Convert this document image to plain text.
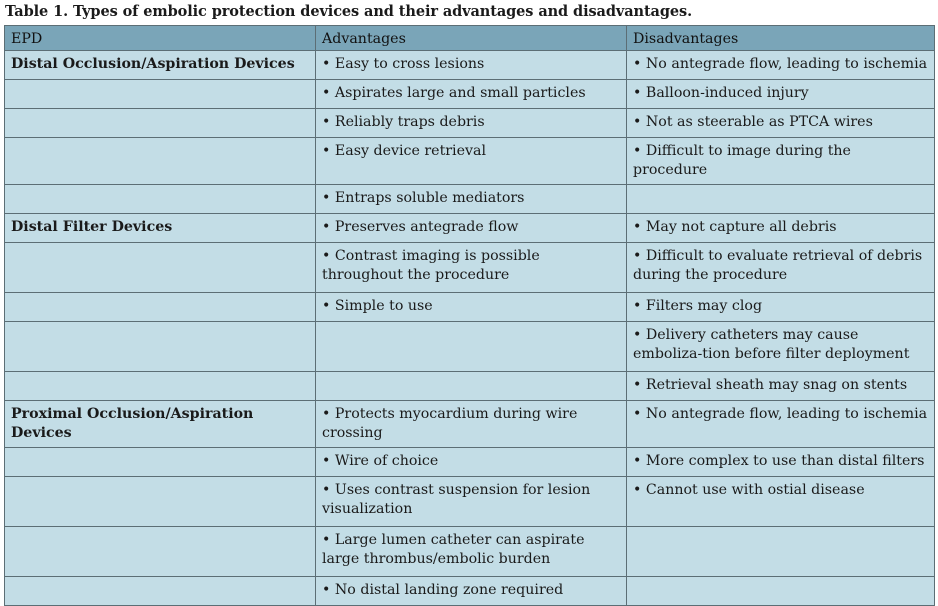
Table 1. Types of embolic protection devices and their advantages and disadvantages.
EPD	Advantages	Disadvantages
Distal Occlusion/Aspiration Devices	• Easy to cross lesions	• No antegrade flow, leading to ischemia
	• Aspirates large and small particles	• Balloon-induced injury
	• Reliably traps debris	• Not as steerable as PTCA wires
	• Easy device retrieval	• Difficult to image during the procedure
	• Entraps soluble mediators	
Distal Filter Devices	• Preserves antegrade flow	• May not capture all debris
	• Contrast imaging is possible throughout the procedure	• Difficult to evaluate retrieval of debris during the procedure
	• Simple to use	• Filters may clog
		• Delivery catheters may cause emboliza-tion before filter deployment
		• Retrieval sheath may snag on stents
Proximal Occlusion/Aspiration Devices	• Protects myocardium during wire crossing	• No antegrade flow, leading to ischemia
	• Wire of choice	• More complex to use than distal filters
	• Uses contrast suspension for lesion visualization	• Cannot use with ostial disease
	• Large lumen catheter can aspirate large thrombus/embolic burden	
	• No distal landing zone required	
